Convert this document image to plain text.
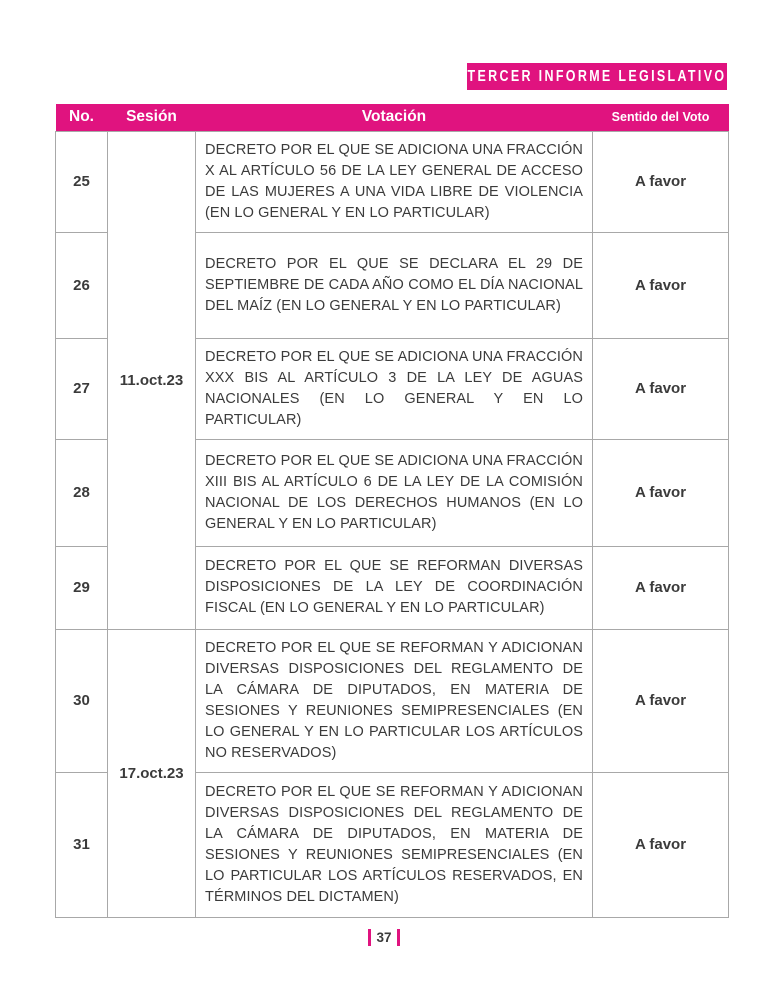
TERCER INFORME LEGISLATIVO
No.	Sesión	Votación	Sentido del Voto
25	11.oct.23	DECRETO POR EL QUE SE ADICIONA UNA FRACCIÓN X AL ARTÍCULO 56 DE LA LEY GENERAL DE ACCESO DE LAS MUJERES A UNA VIDA LIBRE DE VIOLENCIA (EN LO GENERAL Y EN LO PARTICULAR)	A favor
26		DECRETO POR EL QUE SE DECLARA EL 29 DE SEPTIEMBRE DE CADA AÑO COMO EL DÍA NACIONAL DEL MAÍZ (EN LO GENERAL Y EN LO PARTICULAR)	A favor
27		DECRETO POR EL QUE SE ADICIONA UNA FRACCIÓN XXX BIS AL ARTÍCULO 3 DE LA LEY DE AGUAS NACIONALES (EN LO GENERAL Y EN LO PARTICULAR)	A favor
28		DECRETO POR EL QUE SE ADICIONA UNA FRACCIÓN XIII BIS AL ARTÍCULO 6 DE LA LEY DE LA COMISIÓN NACIONAL DE LOS DERECHOS HUMANOS (EN LO GENERAL Y EN LO PARTICULAR)	A favor
29		DECRETO POR EL QUE SE REFORMAN DIVERSAS DISPOSICIONES DE LA LEY DE COORDINACIÓN FISCAL (EN LO GENERAL Y EN LO PARTICULAR)	A favor
30	17.oct.23	DECRETO POR EL QUE SE REFORMAN Y ADICIONAN DIVERSAS DISPOSICIONES DEL REGLAMENTO DE LA CÁMARA DE DIPUTADOS, EN MATERIA DE SESIONES Y REUNIONES SEMIPRESENCIALES (EN LO GENERAL Y EN LO PARTICULAR LOS ARTÍCULOS NO RESERVADOS)	A favor
31		DECRETO POR EL QUE SE REFORMAN Y ADICIONAN DIVERSAS DISPOSICIONES DEL REGLAMENTO DE LA CÁMARA DE DIPUTADOS, EN MATERIA DE SESIONES Y REUNIONES SEMIPRESENCIALES (EN LO PARTICULAR LOS ARTÍCULOS RESERVADOS, EN TÉRMINOS DEL DICTAMEN)	A favor
37
